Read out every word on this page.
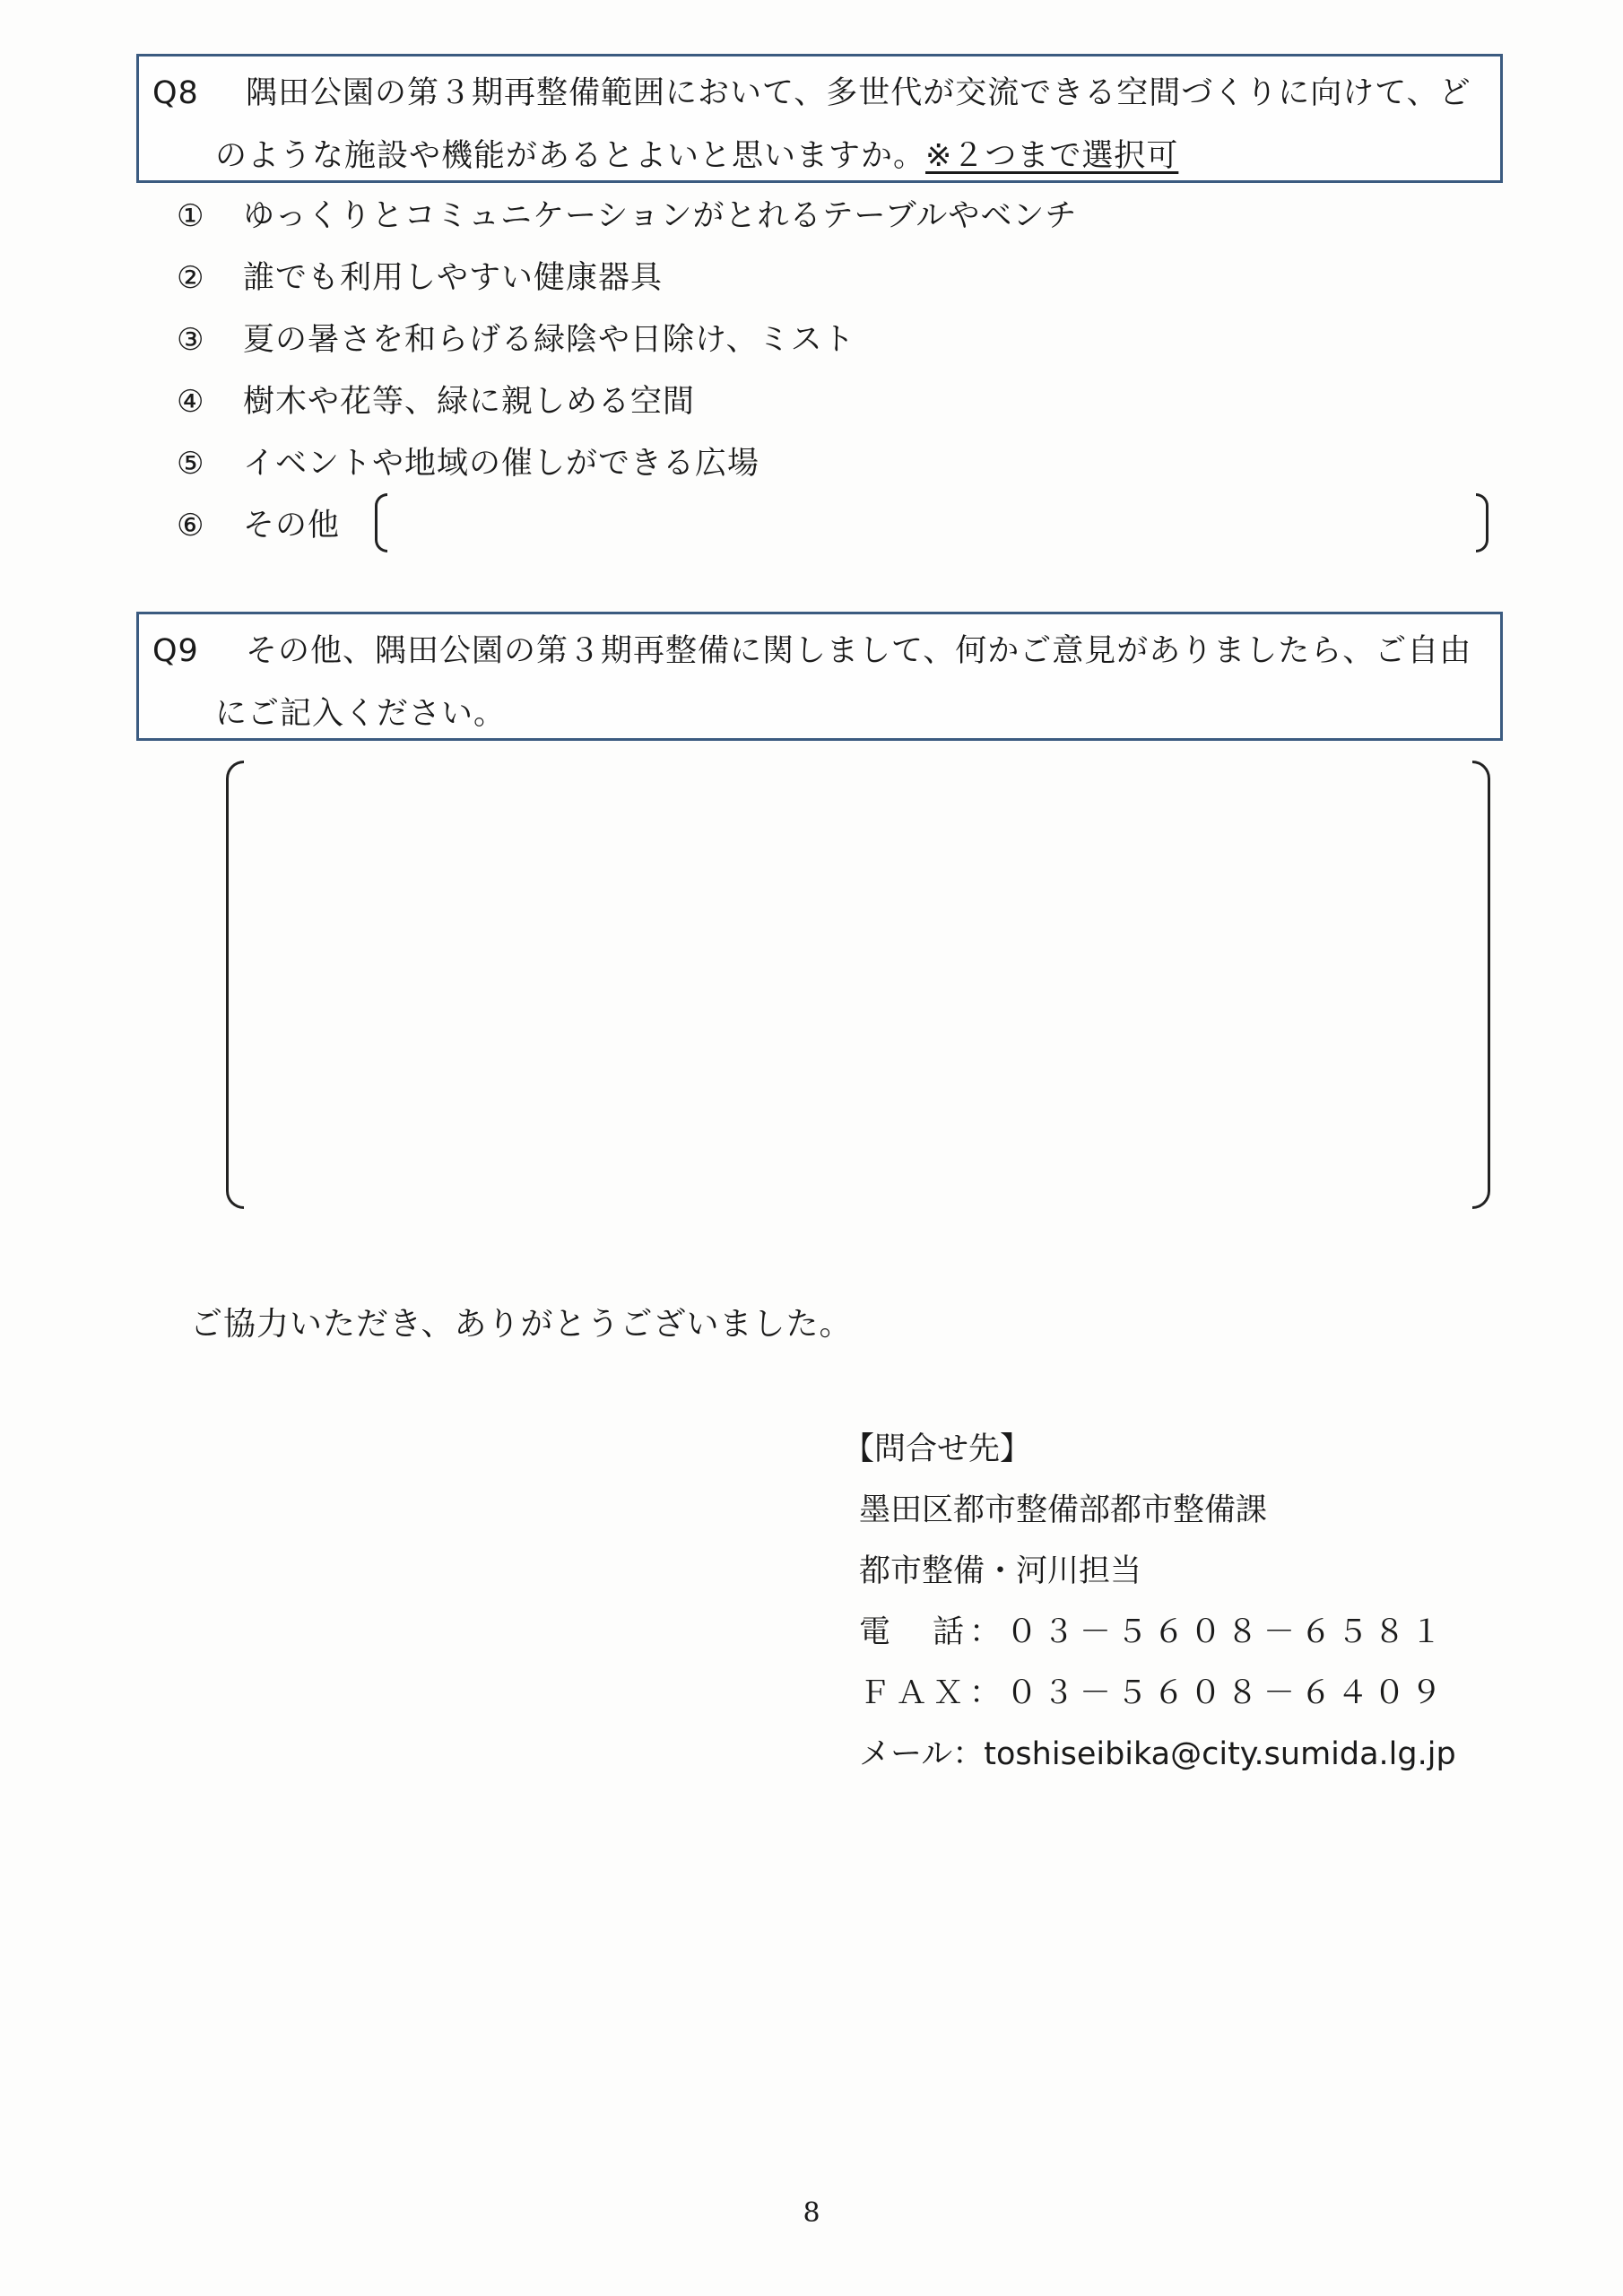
Q8 隅田公園の第３期再整備範囲において、多世代が交流できる空間づくりに向けて、ど
のような施設や機能があるとよいと思いますか。※２つまで選択可
① ゆっくりとコミュニケーションがとれるテーブルやベンチ
② 誰でも利用しやすい健康器具
③ 夏の暑さを和らげる緑陰や日除け、ミスト
④ 樹木や花等、緑に親しめる空間
⑤ イベントや地域の催しができる広場
⑥ その他
Q9 その他、隅田公園の第３期再整備に関しまして、何かご意見がありましたら、ご自由
にご記入ください。
ご協力いただき、ありがとうございました。
【問合せ先】
墨田区都市整備部都市整備課
都市整備・河川担当
電　話：０３－５６０８－６５８１
ＦＡＸ：０３－５６０８－６４０９
メール：toshiseibika@city.sumida.lg.jp
8
